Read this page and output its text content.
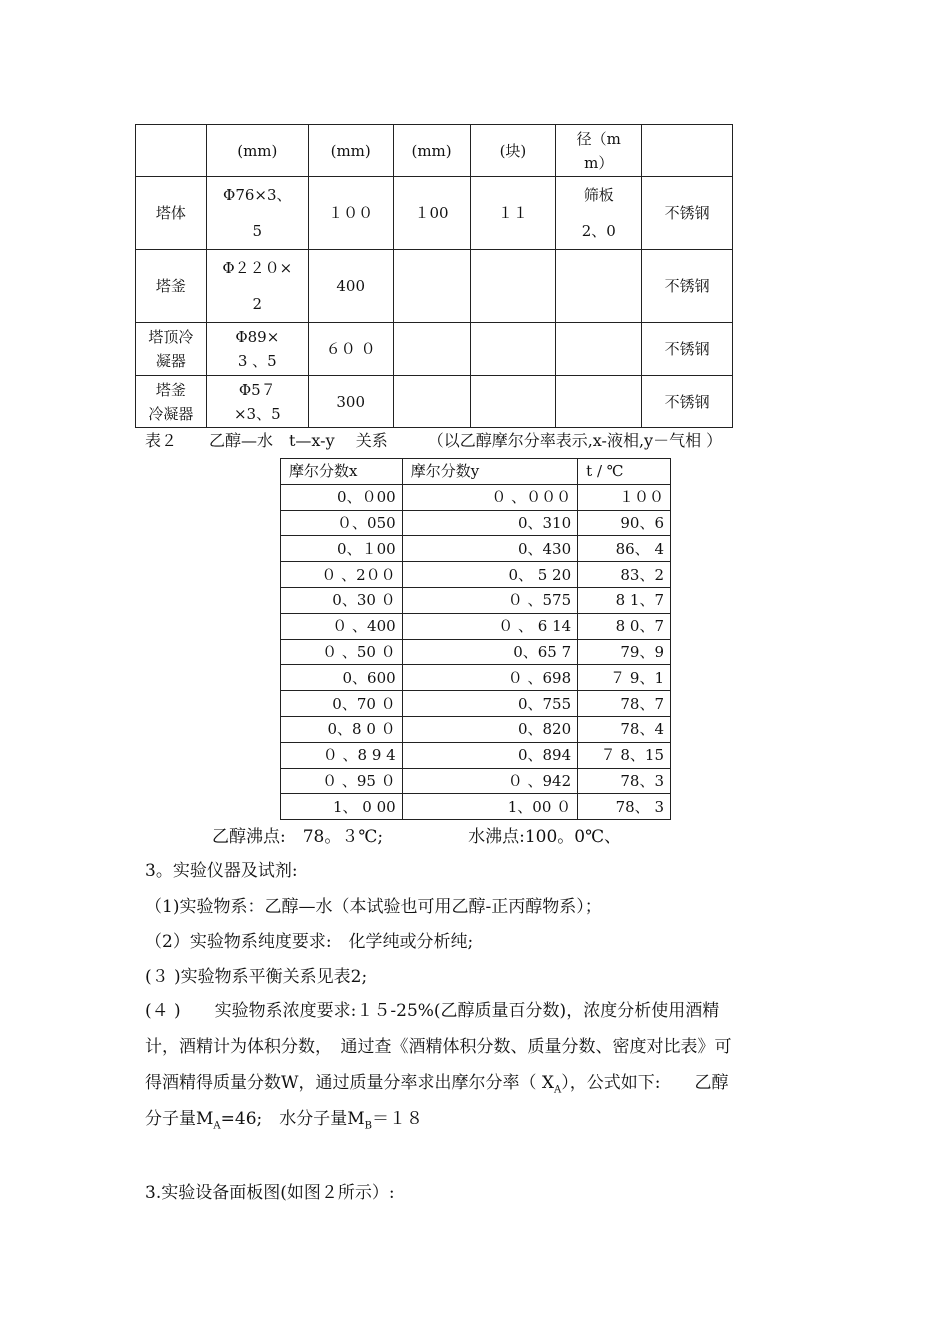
	(mm)	(mm)	(mm)	(块)	径（m
m）	
塔体	Φ76×3、
5	１００	１00	１１	筛板
2、0	不锈钢
塔釜	Φ２２０×
2	400				不锈钢
塔顶冷
凝器	Φ89×
3 、5	６０ ０				不锈钢
塔釜
冷凝器	Φ5７
×3、5	300				不锈钢
表２　　乙醇—水　t—x-y　 关系　　　（以乙醇摩尔分率表示,x-液相,y－气相 ）
摩尔分数x	摩尔分数y	t / ℃
0、０00	０ 、０００	１００
０、050	0、310	90、6
0、１00	0、430	86、 4
０ 、2００	0、 5 20	83、2
0、30 ０	０ 、575	8 1、7
０ 、400	０ 、 6 14	8 0、7
０ 、50 ０	0、65 7	79、9
0、600	０ 、698	７ 9、1
0、70 ０	0、755	78、7
0、8 0 ０	0、820	78、4
０ 、8 9 4	0、894	７ 8、15
０ 、95 ０	０ 、942	78、3
1、 0 00	1、00 ０	78、 3
乙醇沸点:　78。３℃;　　　　　水沸点:100。0℃、
3。实验仪器及试剂:
（1)实验物系：乙醇—水（本试验也可用乙醇-正丙醇物系）；
（2）实验物系纯度要求:　化学纯或分析纯;
(３ )实验物系平衡关系见表2;
(４ )　　实验物系浓度要求:１５-25%(乙醇质量百分数)，浓度分析使用酒精
计，酒精计为体积分数，　通过查《酒精体积分数、质量分数、密度对比表》可
得酒精得质量分数W，通过质量分率求出摩尔分率（ $X_A$），公式如下:　　乙醇
分子量$M_A=46$;　水分子量$M_B=18$
3.实验设备面板图(如图２所示）:
